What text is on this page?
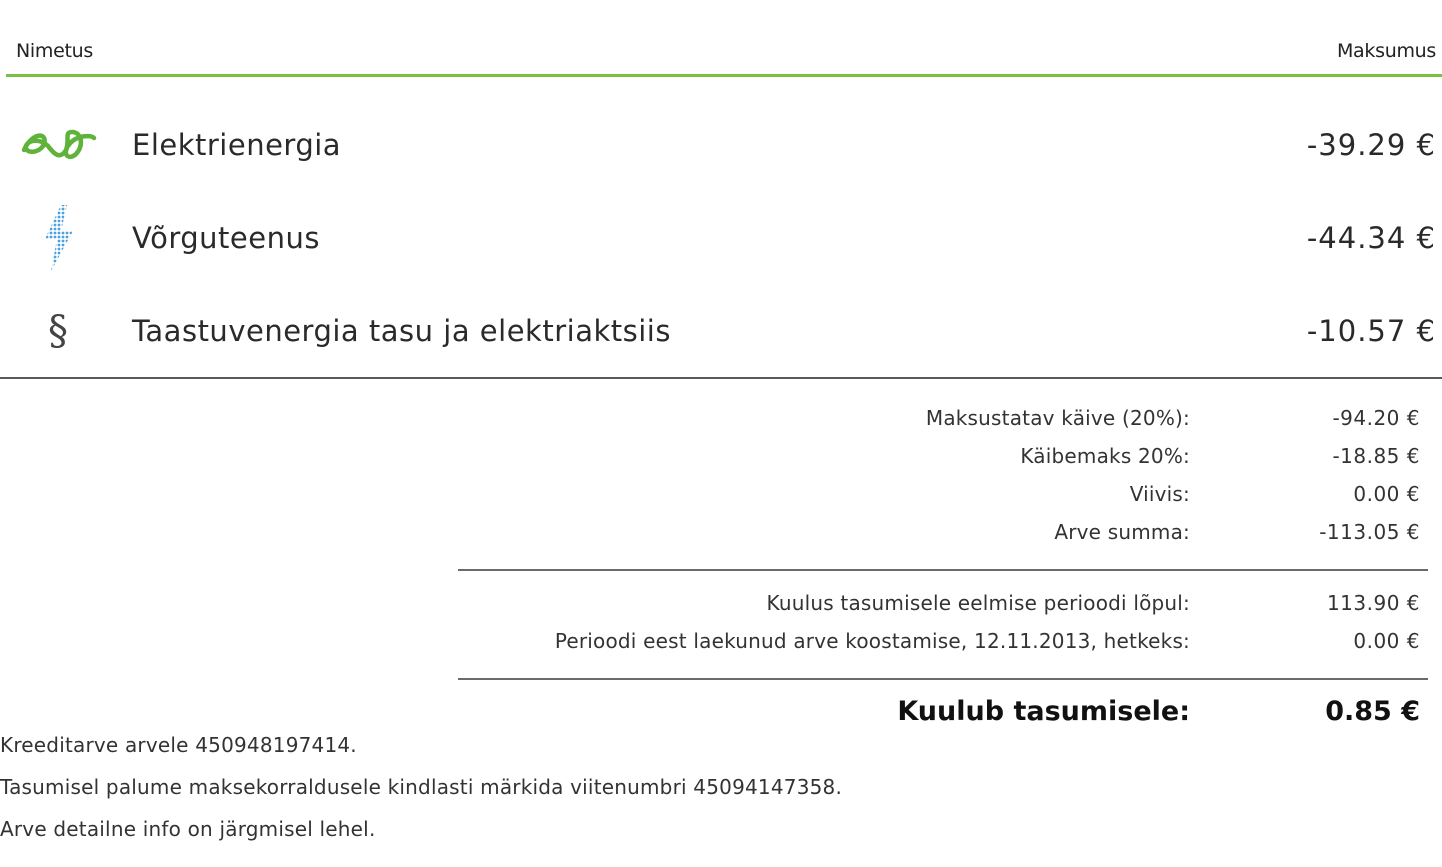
Nimetus	Maksumus
Elektrienergia	-39.29 €
Võrguteenus	-44.34 €
§ Taastuvenergia tasu ja elektriaktsiis	-10.57 €
Maksustatav käive (20%):	-94.20 €
Käibemaks 20%:	-18.85 €
Viivis:	0.00 €
Arve summa:	-113.05 €
Kuulus tasumisele eelmise perioodi lõpul:	113.90 €
Perioodi eest laekunud arve koostamise, 12.11.2013, hetkeks:	0.00 €
Kuulub tasumisele:	0.85 €
Kreeditarve arvele 450948197414.
Tasumisel palume maksekorraldusele kindlasti märkida viitenumbri 45094147358.
Arve detailne info on järgmisel lehel.
